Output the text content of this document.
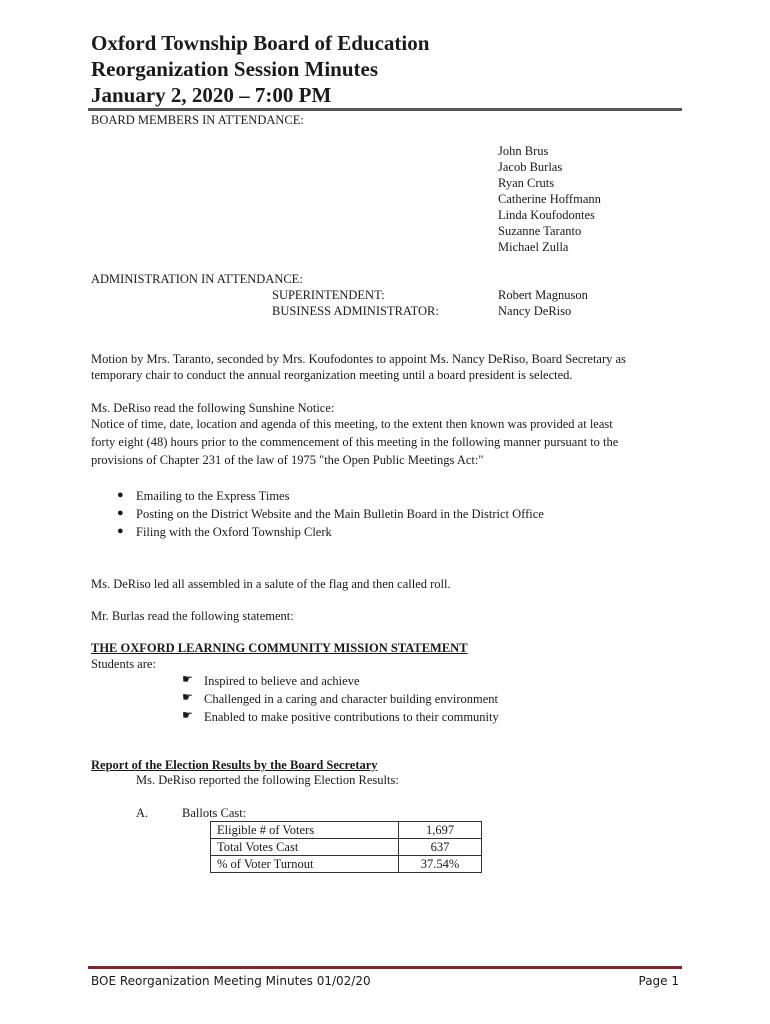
Oxford Township Board of Education
Reorganization Session Minutes
January 2, 2020 – 7:00 PM
BOARD MEMBERS IN ATTENDANCE:
John Brus
Jacob Burlas
Ryan Cruts
Catherine Hoffmann
Linda Koufodontes
Suzanne Taranto
Michael Zulla
ADMINISTRATION IN ATTENDANCE:
SUPERINTENDENT:	Robert Magnuson
BUSINESS ADMINISTRATOR:	Nancy DeRiso
Motion by Mrs. Taranto, seconded by Mrs. Koufodontes to appoint Ms. Nancy DeRiso, Board Secretary as
temporary chair to conduct the annual reorganization meeting until a board president is selected.
Ms. DeRiso read the following Sunshine Notice:
Notice of time, date, location and agenda of this meeting, to the extent then known was provided at least
forty eight (48) hours prior to the commencement of this meeting in the following manner pursuant to the
provisions of Chapter 231 of the law of 1975 "the Open Public Meetings Act:"
● Emailing to the Express Times
● Posting on the District Website and the Main Bulletin Board in the District Office
● Filing with the Oxford Township Clerk
Ms. DeRiso led all assembled in a salute of the flag and then called roll.
Mr. Burlas read the following statement:
THE OXFORD LEARNING COMMUNITY MISSION STATEMENT
Students are:
☛ Inspired to believe and achieve
☛ Challenged in a caring and character building environment
☛ Enabled to make positive contributions to their community
Report of the Election Results by the Board Secretary
Ms. DeRiso reported the following Election Results:
A.	Ballots Cast:
Eligible # of Voters	1,697
Total Votes Cast	637
% of Voter Turnout	37.54%
BOE Reorganization Meeting Minutes 01/02/20	Page 1
